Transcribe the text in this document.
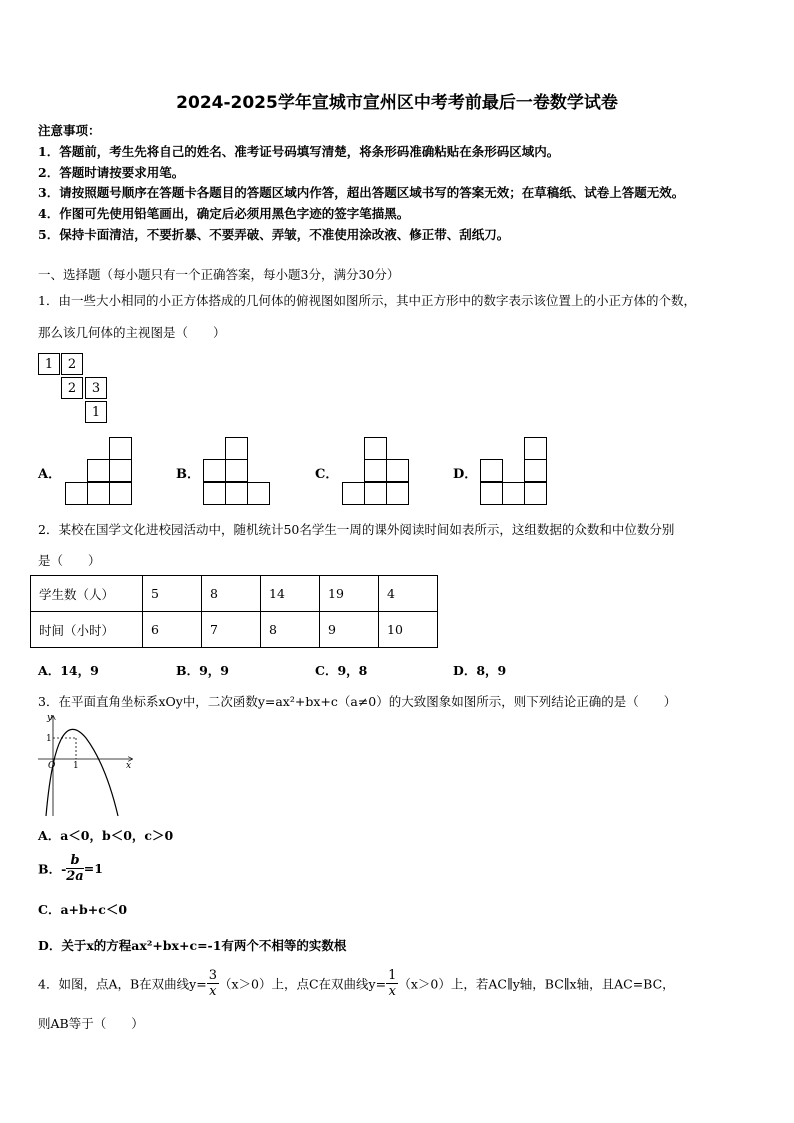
2024-2025学年宣城市宣州区中考考前最后一卷数学试卷
注意事项：
1．答题前，考生先将自己的姓名、准考证号码填写清楚，将条形码准确粘贴在条形码区域内。
2．答题时请按要求用笔。
3．请按照题号顺序在答题卡各题目的答题区域内作答，超出答题区域书写的答案无效；在草稿纸、试卷上答题无效。
4．作图可先使用铅笔画出，确定后必须用黑色字迹的签字笔描黑。
5．保持卡面清洁，不要折暴、不要弄破、弄皱，不准使用涂改液、修正带、刮纸刀。
一、选择题（每小题只有一个正确答案，每小题3分，满分30分）
1．由一些大小相同的小正方体搭成的几何体的俯视图如图所示，其中正方形中的数字表示该位置上的小正方体的个数，
那么该几何体的主视图是（　　）
1	2
2	3
1
A．	B．	C．	D．
2．某校在国学文化进校园活动中，随机统计50名学生一周的课外阅读时间如表所示，这组数据的众数和中位数分别
是（　　）
学生数（人）	5	8	14	19	4
时间（小时）	6	7	8	9	10
A．14，9	B．9，9	C．9，8	D．8，9
3．在平面直角坐标系xOy中，二次函数y=ax²+bx+c（a≠0）的大致图象如图所示，则下列结论正确的是（　　）
y
x
O
1
1
A．a＜0，b＜0，c＞0
B．- $\frac{b}{2a} =1$
C．a+b+c＜0
D．关于x的方程ax²+bx+c=-1有两个不相等的实数根
4．如图，点A，B在双曲线$y= \frac{3}{x} (x>0)$上，点C在双曲线$y= \frac{1}{x} (x>0)$上，若AC∥y轴，BC∥x轴，且AC=BC，
则AB等于（　　）
